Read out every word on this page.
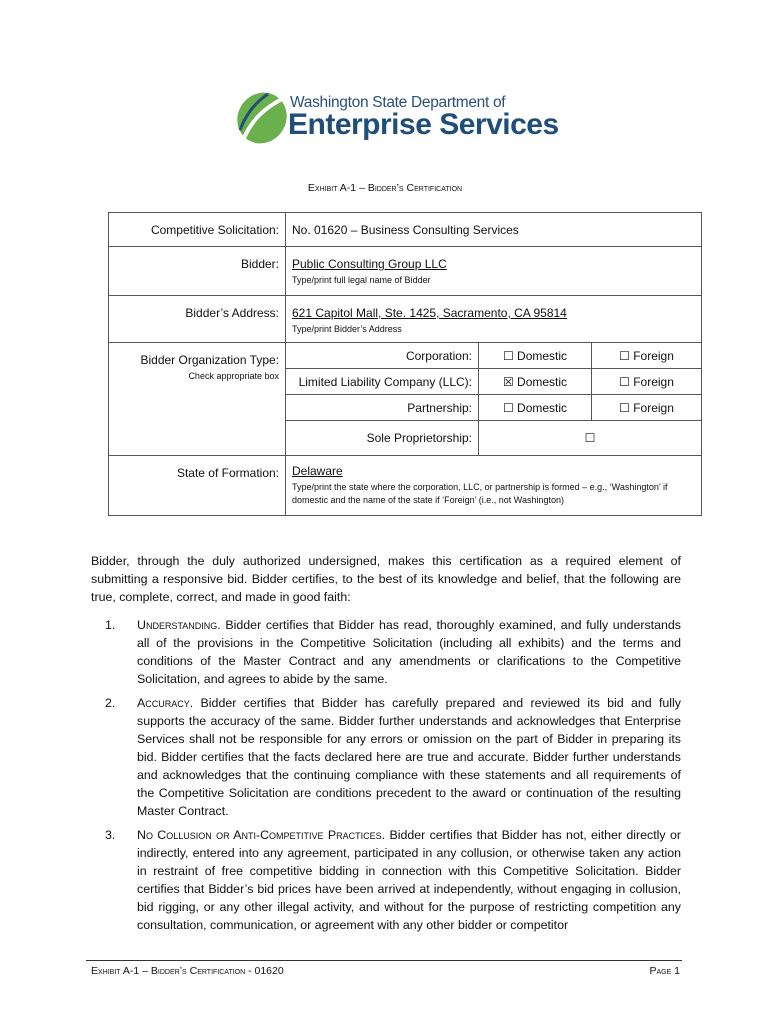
Washington State Department of
Enterprise Services
Exhibit A-1 – Bidder’s Certification
Competitive Solicitation:	No. 01620 – Business Consulting Services
Bidder:	Public Consulting Group LLC
Type/print full legal name of Bidder

Bidder’s Address:	621 Capitol Mall, Ste. 1425, Sacramento, CA 95814
Type/print Bidder’s Address

Bidder Organization Type:
Check appropriate box

Corporation:	☐ Domestic	☐ Foreign
Limited Liability Company (LLC):	☒ Domestic	☐ Foreign
Partnership:	☐ Domestic	☐ Foreign
Sole Proprietorship:	☐

State of Formation:	Delaware
Type/print the state where the corporation, LLC, or partnership is formed – e.g., ‘Washington’ if domestic and the name of the state if ‘Foreign’ (i.e., not Washington)
Bidder, through the duly authorized undersigned, makes this certification as a required element of submitting a responsive bid. Bidder certifies, to the best of its knowledge and belief, that the following are true, complete, correct, and made in good faith:
1. Understanding. Bidder certifies that Bidder has read, thoroughly examined, and fully understands all of the provisions in the Competitive Solicitation (including all exhibits) and the terms and conditions of the Master Contract and any amendments or clarifications to the Competitive Solicitation, and agrees to abide by the same.
2. Accuracy. Bidder certifies that Bidder has carefully prepared and reviewed its bid and fully supports the accuracy of the same. Bidder further understands and acknowledges that Enterprise Services shall not be responsible for any errors or omission on the part of Bidder in preparing its bid. Bidder certifies that the facts declared here are true and accurate. Bidder further understands and acknowledges that the continuing compliance with these statements and all requirements of the Competitive Solicitation are conditions precedent to the award or continuation of the resulting Master Contract.
3. No Collusion or Anti-Competitive Practices. Bidder certifies that Bidder has not, either directly or indirectly, entered into any agreement, participated in any collusion, or otherwise taken any action in restraint of free competitive bidding in connection with this Competitive Solicitation. Bidder certifies that Bidder’s bid prices have been arrived at independently, without engaging in collusion, bid rigging, or any other illegal activity, and without for the purpose of restricting competition any consultation, communication, or agreement with any other bidder or competitor
Exhibit A-1 – Bidder’s Certification - 01620	Page 1
